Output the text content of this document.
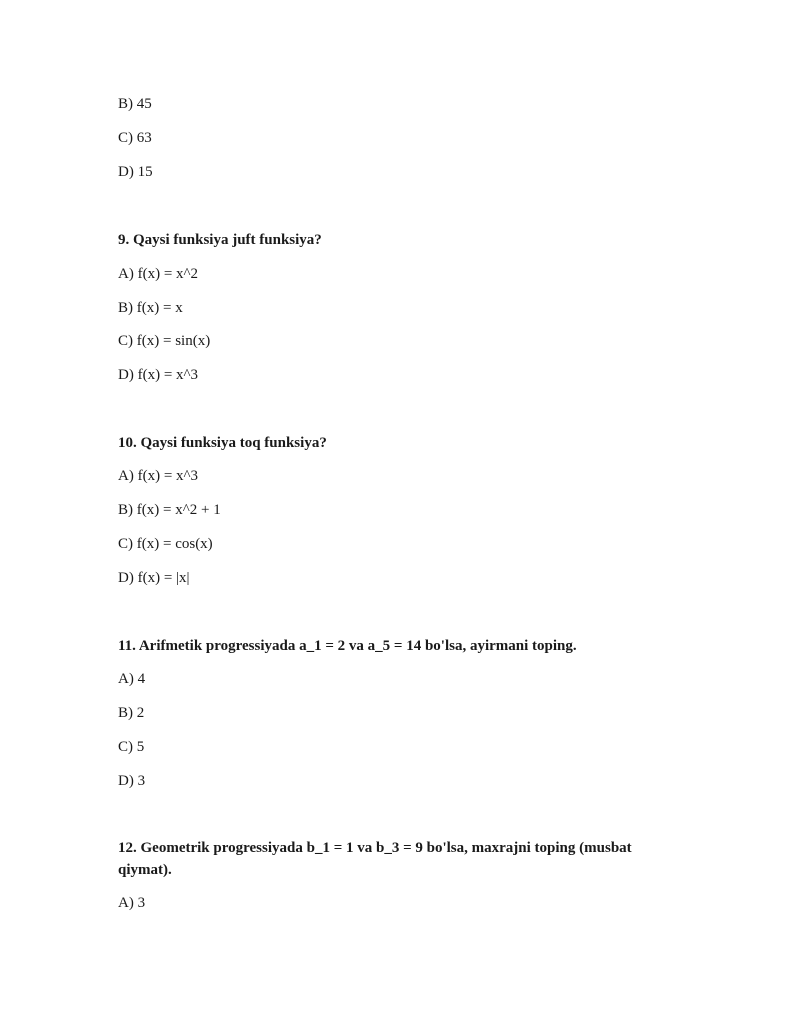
B) 45
C) 63
D) 15
9. Qaysi funksiya juft funksiya?
A) f(x) = x^2
B) f(x) = x
C) f(x) = sin(x)
D) f(x) = x^3
10. Qaysi funksiya toq funksiya?
A) f(x) = x^3
B) f(x) = x^2 + 1
C) f(x) = cos(x)
D) f(x) = |x|
11. Arifmetik progressiyada a_1 = 2 va a_5 = 14 bo'lsa, ayirmani toping.
A) 4
B) 2
C) 5
D) 3
12. Geometrik progressiyada b_1 = 1 va b_3 = 9 bo'lsa, maxrajni toping (musbat qiymat).
A) 3
